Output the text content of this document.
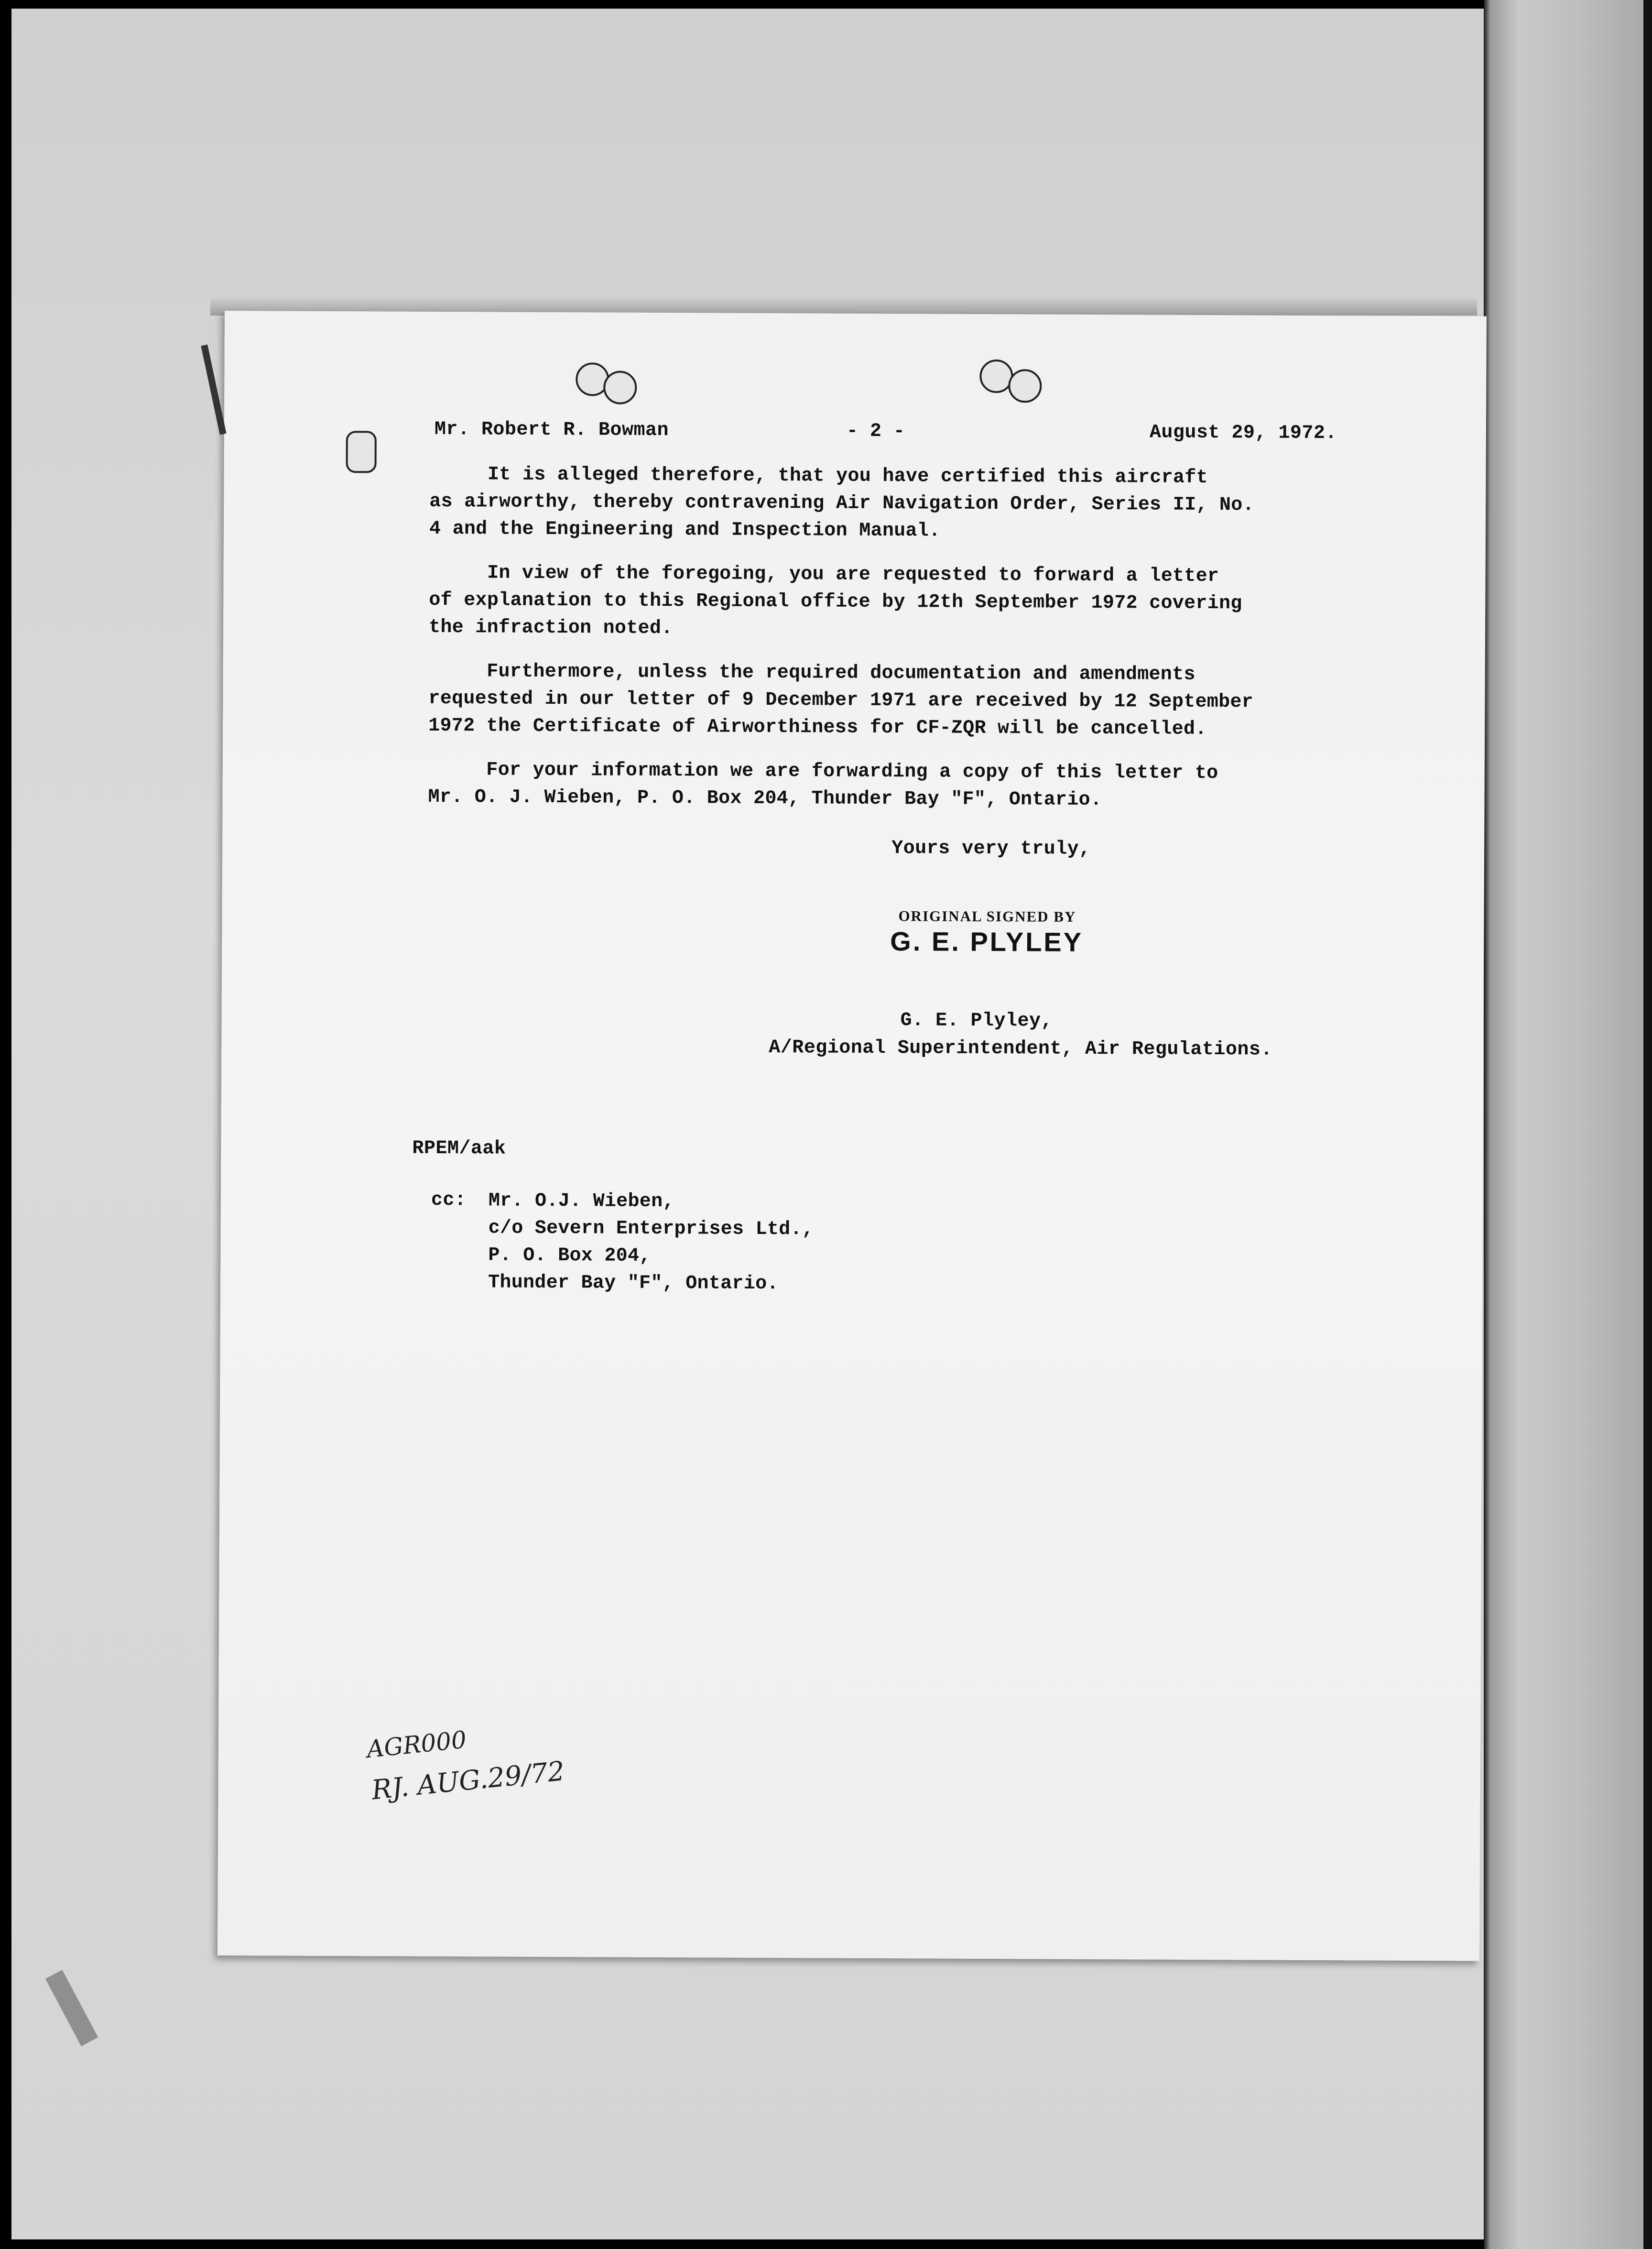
Mr. Robert R. Bowman	- 2 -	August 29, 1972.
It is alleged therefore, that you have certified this aircraft
as airworthy, thereby contravening Air Navigation Order, Series II, No.
4 and the Engineering and Inspection Manual.
In view of the foregoing, you are requested to forward a letter
of explanation to this Regional office by 12th September 1972 covering
the infraction noted.
Furthermore, unless the required documentation and amendments
requested in our letter of 9 December 1971 are received by 12 September
1972 the Certificate of Airworthiness for CF-ZQR will be cancelled.
For your information we are forwarding a copy of this letter to
Mr. O. J. Wieben, P. O. Box 204, Thunder Bay "F", Ontario.
Yours very truly,
ORIGINAL SIGNED BY
G. E. PLYLEY
G. E. Plyley,
A/Regional Superintendent, Air Regulations.
RPEM/aak
cc: Mr. O.J. Wieben,
c/o Severn Enterprises Ltd.,
P. O. Box 204,
Thunder Bay "F", Ontario.
AGR000
RJ. AUG.29/72
